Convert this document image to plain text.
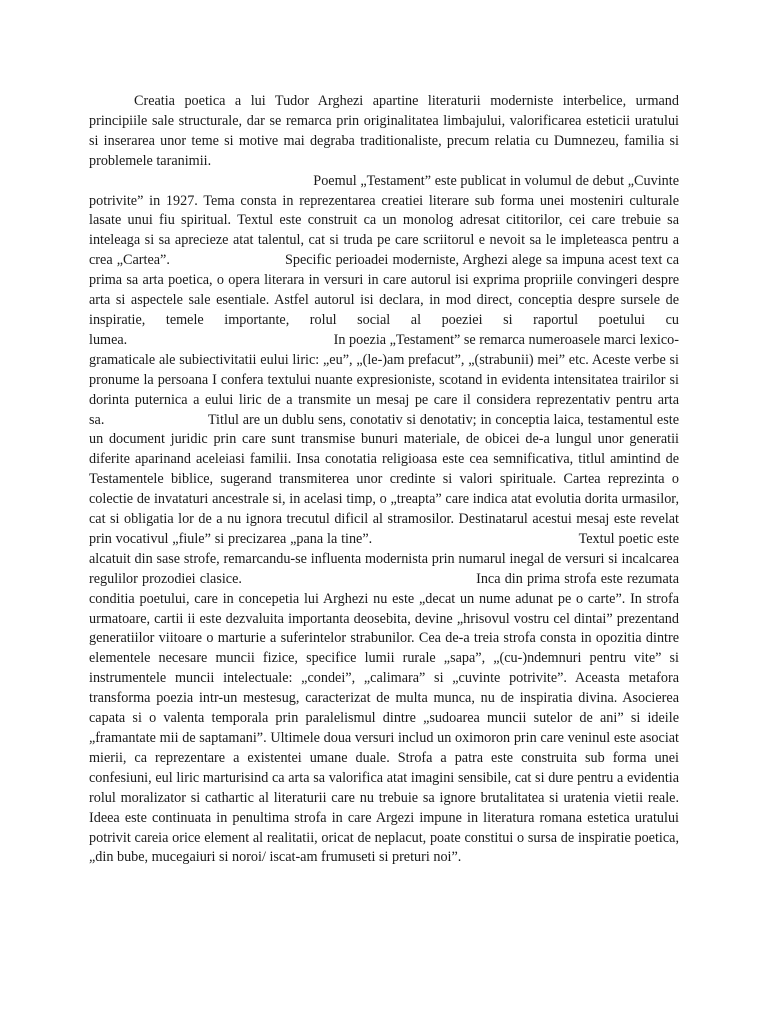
Creatia poetica a lui Tudor Arghezi apartine literaturii moderniste interbelice, urmand principiile sale structurale, dar se remarca prin originalitatea limbajului, valorificarea esteticii uratului si inserarea unor teme si motive mai degraba traditionaliste, precum relatia cu Dumnezeu, familia si problemele taranimii.

Poemul „Testament” este publicat in volumul de debut „Cuvinte potrivite” in 1927. Tema consta in reprezentarea creatiei literare sub forma unei mosteniri culturale lasate unui fiu spiritual. Textul este construit ca un monolog adresat cititorilor, cei care trebuie sa inteleaga si sa aprecieze atat talentul, cat si truda pe care scriitorul e nevoit sa le impleteasca pentru a crea „Cartea”.                            Specific perioadei moderniste, Arghezi alege sa impuna acest text ca prima sa arta poetica, o opera literara in versuri in care autorul isi exprima propriile convingeri despre arta si aspectele sale esentiale. Astfel autorul isi declara, in mod direct, conceptia despre sursele de inspiratie, temele importante, rolul social al poeziei si raportul poetului cu lumea.                                                          In poezia „Testament” se remarca numeroasele marci lexico-gramaticale ale subiectivitatii eului liric: „eu”, „(le-)am prefacut”, „(strabunii) mei” etc. Aceste verbe si pronume la persoana I confera textului nuante expresioniste, scotand in evidenta intensitatea trairilor si dorinta puternica a eului liric de a transmite un mesaj pe care il considera reprezentativ pentru arta sa.                           Titlul are un dublu sens, conotativ si denotativ; in conceptia laica, testamentul este un document juridic prin care sunt transmise bunuri materiale, de obicei de-a lungul unor generatii diferite aparinand aceleiasi familii. Insa conotatia religioasa este cea semnificativa, titlul amintind de Testamentele biblice, sugerand transmiterea unor credinte si valori spirituale. Cartea reprezinta o colectie de invataturi ancestrale si, in acelasi timp, o „treapta” care indica atat evolutia dorita urmasilor, cat si obligatia lor de a nu ignora trecutul dificil al stramosilor. Destinatarul acestui mesaj este revelat prin vocativul „fiule” si precizarea „pana la tine”.                                                      Textul poetic este alcatuit din sase strofe, remarcandu-se influenta modernista prin numarul inegal de versuri si incalcarea regulilor prozodiei clasice.                                                        Inca din prima strofa este rezumata conditia poetului, care in concepetia lui Arghezi nu este „decat un nume adunat pe o carte”. In strofa urmatoare, cartii ii este dezvaluita importanta deosebita, devine „hrisovul vostru cel dintai” prezentand generatiilor viitoare o marturie a suferintelor strabunilor. Cea de-a treia strofa consta in opozitia dintre elementele necesare muncii fizice, specifice lumii rurale „sapa”, „(cu-)ndemnuri pentru vite” si instrumentele muncii intelectuale: „condei”, „calimara” si „cuvinte potrivite”. Aceasta metafora transforma poezia intr-un mestesug, caracterizat de multa munca, nu de inspiratia divina. Asocierea capata si o valenta temporala prin paralelismul dintre „sudoarea muncii sutelor de ani” si ideile „framantate mii de saptamani”. Ultimele doua versuri includ un oximoron prin care veninul este asociat mierii, ca reprezentare a existentei umane duale. Strofa a patra este construita sub forma unei confesiuni, eul liric marturisind ca arta sa valorifica atat imagini sensibile, cat si dure pentru a evidentia rolul moralizator si cathartic al literaturii care nu trebuie sa ignore brutalitatea si uratenia vietii reale. Ideea este continuata in penultima strofa in care Argezi impune in literatura romana estetica uratului potrivit careia orice element al realitatii, oricat de neplacut, poate constitui o sursa de inspiratie poetica, „din bube, mucegaiuri si noroi/ iscat-am frumuseti si preturi noi”.
